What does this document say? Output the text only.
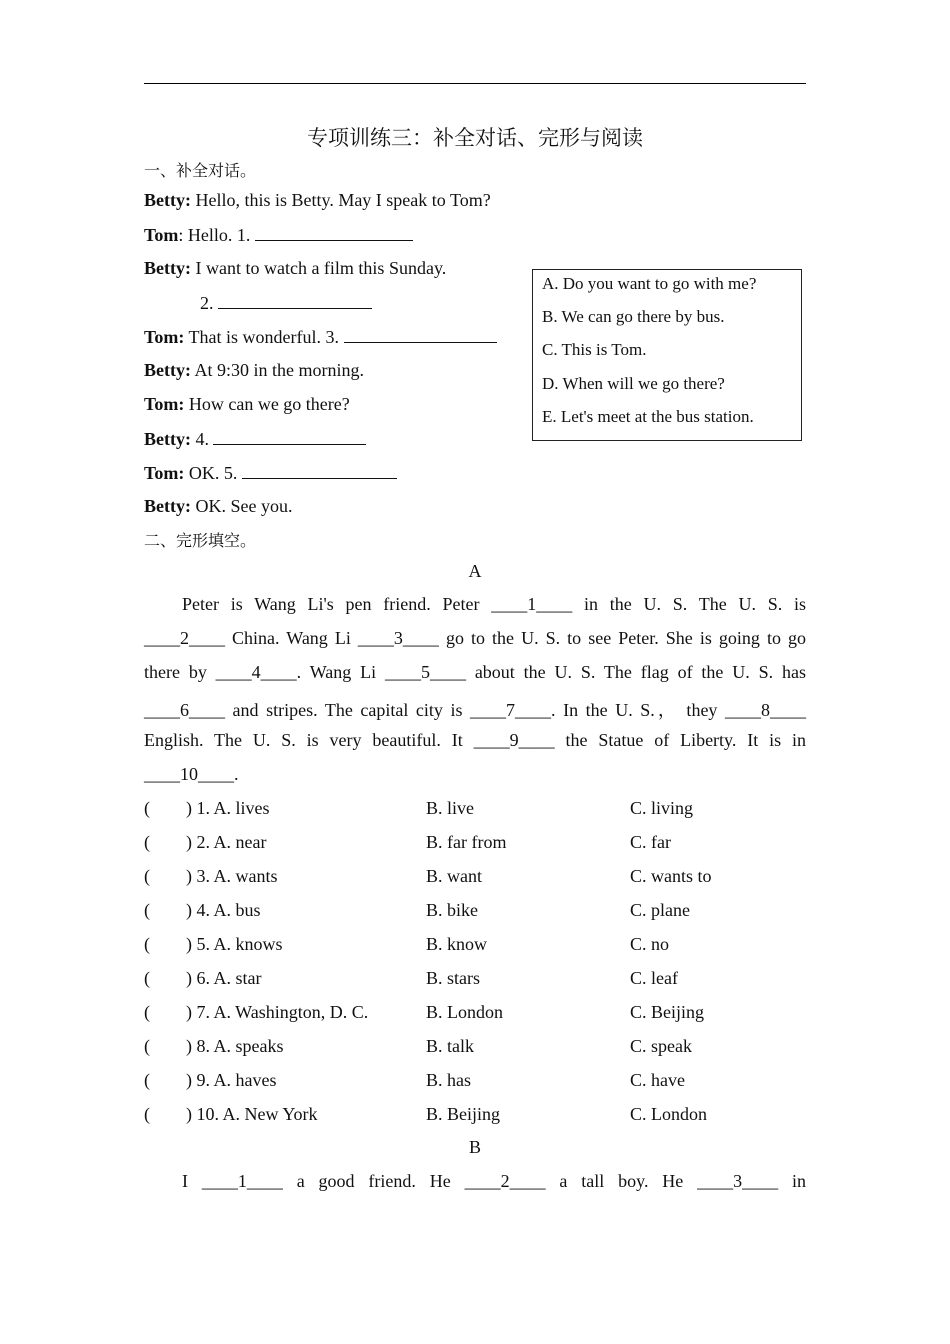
专项训练三：补全对话、完形与阅读
一、补全对话。
Betty: Hello, this is Betty. May I speak to Tom?
Tom: Hello. 1.
Betty: I want to watch a film this Sunday.
2.
Tom: That is wonderful. 3.
Betty: At 9:30 in the morning.
Tom: How can we go there?
Betty: 4.
Tom: OK. 5.
Betty: OK. See you.
A. Do you want to go with me?
B. We can go there by bus.
C. This is Tom.
D. When will we go there?
E. Let's meet at the bus station.
二、完形填空。
A
Peter is Wang Li's pen friend. Peter ____1____ in the U. S. The U. S. is
____2____ China. Wang Li ____3____ go to the U. S. to see Peter. She is going to go
there by ____4____. Wang Li ____5____ about the U. S. The flag of the U. S. has
____6____ and stripes. The capital city is ____7____. In the U. S.， they ____8____
English. The U. S. is very beautiful. It ____9____ the Statue of Liberty. It is in
____10____.
( ) 1. A. lives	B. live	C. living
( ) 2. A. near	B. far from	C. far
( ) 3. A. wants	B. want	C. wants to
( ) 4. A. bus	B. bike	C. plane
( ) 5. A. knows	B. know	C. no
( ) 6. A. star	B. stars	C. leaf
( ) 7. A. Washington, D. C.	B. London	C. Beijing
( ) 8. A. speaks	B. talk	C. speak
( ) 9. A. haves	B. has	C. have
( ) 10. A. New York	B. Beijing	C. London
B
I ____1____ a good friend. He ____2____ a tall boy. He ____3____ in
